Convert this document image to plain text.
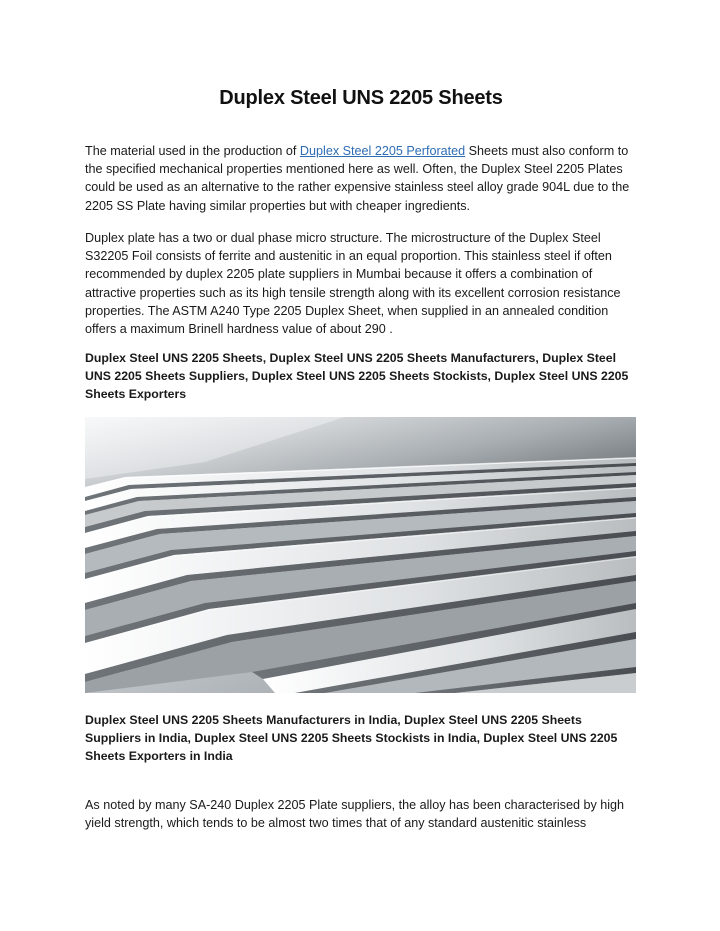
Duplex Steel UNS 2205 Sheets

The material used in the production of Duplex Steel 2205 Perforated Sheets must also conform to the specified mechanical properties mentioned here as well. Often, the Duplex Steel 2205 Plates could be used as an alternative to the rather expensive stainless steel alloy grade 904L due to the 2205 SS Plate having similar properties but with cheaper ingredients.

Duplex plate has a two or dual phase micro structure. The microstructure of the Duplex Steel S32205 Foil consists of ferrite and austenitic in an equal proportion. This stainless steel if often recommended by duplex 2205 plate suppliers in Mumbai because it offers a combination of attractive properties such as its high tensile strength along with its excellent corrosion resistance properties. The ASTM A240 Type 2205 Duplex Sheet, when supplied in an annealed condition offers a maximum Brinell hardness value of about 290 .

Duplex Steel UNS 2205 Sheets, Duplex Steel UNS 2205 Sheets Manufacturers, Duplex Steel UNS 2205 Sheets Suppliers, Duplex Steel UNS 2205 Sheets Stockists, Duplex Steel UNS 2205 Sheets Exporters

Duplex Steel UNS 2205 Sheets Manufacturers in India, Duplex Steel UNS 2205 Sheets Suppliers in India, Duplex Steel UNS 2205 Sheets Stockists in India, Duplex Steel UNS 2205 Sheets Exporters in India

As noted by many SA-240 Duplex 2205 Plate suppliers, the alloy has been characterised by high yield strength, which tends to be almost two times that of any standard austenitic stainless
